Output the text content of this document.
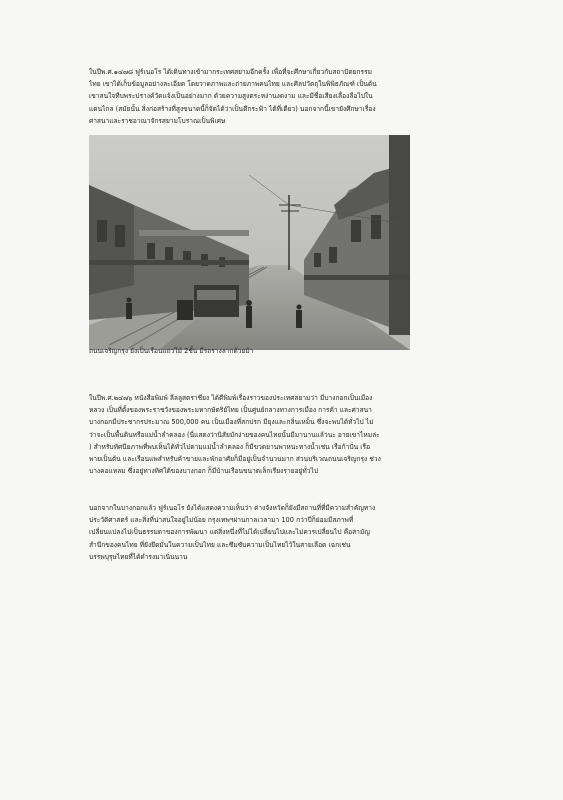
ในปีพ.ศ.๑๔๗๘ ฟูร์เนอโร ได้เดินทางเข้ามากระเทศสยามอีกครั้ง เพื่อที่จะศึกษาเกี่ยวกับสถาปัตยกรรม
ไทย เขาได้เก็บข้อมูลอย่างละเอียด โดยวาดภาพและถ่ายภาพคนไทย และศิลปวัตถุในพิพิธภัณฑ์ เป็นต้น
เขาสนใจทีบพระปรางค์วัดแจ้งเป็นอย่างมาก ด้วยความสูงตระหง่านงดงาม และมีชื่อเสียงเลื่องลือไปใน
แดนไกล (สมัยนั้น สิ่งก่อสร้างที่สูงขนาดนี้ก็จัดได้ว่าเป็นตึกระฟ้า ได้ที่เดียว) นอกจากนี้เขายังศึกษาเรื่อง
ศาสนาและราชอาณาจักรสยามโบราณเป็นพิเศษ

ถนนเจริญกรุง ยังเป็นเรือนแถวไม้ 2ชั้น มีรถรางลากด้วยม้า

ในปีพ.ศ.๒๔๗๖ หนังสือพิมพ์ ลีลลูสตราชียง ได้ตีพิมพ์เรื่องราวของประเทศสยามว่า มีบางกอกเป็นเมือง
หลวง เป็นที่ตั้งของพระราชวังของพระมหากษัตริย์ไทย เป็นศูนย์กลางทางการเมือง การค้า และศาสนา
บางกอกมีประชากรประมาณ 500,000 คน เป็นเมืองที่สกปรก มียุงและกลิ่นเหม็น ซึ่งจะพบได้ทั่วไป ไม่
ว่าจะเป็นพื้นดินหรือแม่น้ำลำคลอง (นี่แสดงว่านิสัยมักง่ายของคนไทยนั้นมีมานานแล้วนะ อายเขาไหมล่ะ
) สำหรับทัศนียภาพที่พบเห็นได้ทั่วไปตามแม่น้ำลำคลอง ก็มีขวดยานพาหนะทางน้ำเช่น เรือก้าปั่น เรือ
พายเป็นต้น และเรือนแพสำหรับค้าขายและพักอาศัยก็มีอยู่เป็นจำนวนมาก ส่วนบริเวณถนนเจริญกรุง ช่วง
บางคอแหลม ซึ่งอยู่ทางทิศใต้ของบางกอก ก็มีบ้านเรือนขนาดเล็กเรียงรายอยู่ทั่วไป

นอกจากในบางกอกแล้ว ฟูร์เนอโร ยังได้แสดงความเห็นว่า ต่างจังหวัดก็ยังมีสถานที่ที่มีความสำคัญทาง
ประวัติศาสตร์ และสิ่งที่น่าสนใจอยู่ไม่น้อย กรุงเทพฯผ่านกาลเวลามา 100 กว่าปีก็ย่อมมีสภาพที่
เปลี่ยนแปลงไปเป็นธรรมดาของการพัฒนา แต่สิ่งหนึ่งที่ไม่ได้เปลี่ยนไปและไม่ควรเปลี่ยนไป คือสามัญ
สำนึกของคนไทย ที่ยังยึดมั่นในความเป็นไทย และซึมซับความเป็นไทยไว้ในสายเลือด เฉกเช่น
บรรพบุรุษไทยที่ได้ดำรงมาเนิ่นนาน
